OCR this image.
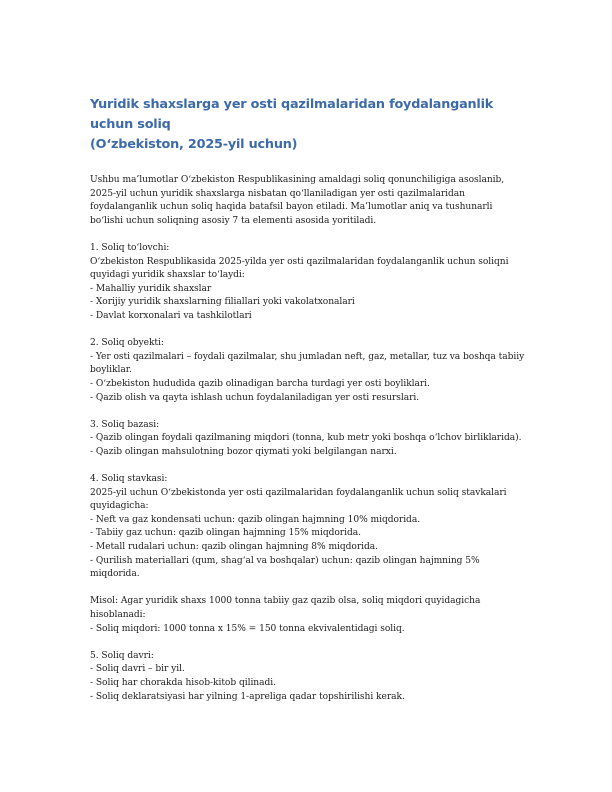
Yuridik shaxslarga yer osti qazilmalaridan foydalanganlik uchun soliq
(O‘zbekiston, 2025-yil uchun)
Ushbu ma’lumotlar O‘zbekiston Respublikasining amaldagi soliq qonunchiligiga asoslanib,
2025-yil uchun yuridik shaxslarga nisbatan qo‘llaniladigan yer osti qazilmalaridan
foydalanganlik uchun soliq haqida batafsil bayon etiladi. Ma’lumotlar aniq va tushunarli
bo‘lishi uchun soliqning asosiy 7 ta elementi asosida yoritiladi.
1. Soliq to‘lovchi:
O‘zbekiston Respublikasida 2025-yilda yer osti qazilmalaridan foydalanganlik uchun soliqni
quyidagi yuridik shaxslar to‘laydi:
- Mahalliy yuridik shaxslar
- Xorijiy yuridik shaxslarning filiallari yoki vakolatxonalari
- Davlat korxonalari va tashkilotlari
2. Soliq obyekti:
- Yer osti qazilmalari – foydali qazilmalar, shu jumladan neft, gaz, metallar, tuz va boshqa tabiiy
boyliklar.
- O‘zbekiston hududida qazib olinadigan barcha turdagi yer osti boyliklari.
- Qazib olish va qayta ishlash uchun foydalaniladigan yer osti resurslari.
3. Soliq bazasi:
- Qazib olingan foydali qazilmaning miqdori (tonna, kub metr yoki boshqa o‘lchov birliklarida).
- Qazib olingan mahsulotning bozor qiymati yoki belgilangan narxi.
4. Soliq stavkasi:
2025-yil uchun O‘zbekistonda yer osti qazilmalaridan foydalanganlik uchun soliq stavkalari
quyidagicha:
- Neft va gaz kondensati uchun: qazib olingan hajmning 10% miqdorida.
- Tabiiy gaz uchun: qazib olingan hajmning 15% miqdorida.
- Metall rudalari uchun: qazib olingan hajmning 8% miqdorida.
- Qurilish materiallari (qum, shag‘al va boshqalar) uchun: qazib olingan hajmning 5%
miqdorida.
Misol: Agar yuridik shaxs 1000 tonna tabiiy gaz qazib olsa, soliq miqdori quyidagicha
hisoblanadi:
- Soliq miqdori: 1000 tonna x 15% = 150 tonna ekvivalentidagi soliq.
5. Soliq davri:
- Soliq davri – bir yil.
- Soliq har chorakda hisob-kitob qilinadi.
- Soliq deklaratsiyasi har yilning 1-apreliga qadar topshirilishi kerak.
